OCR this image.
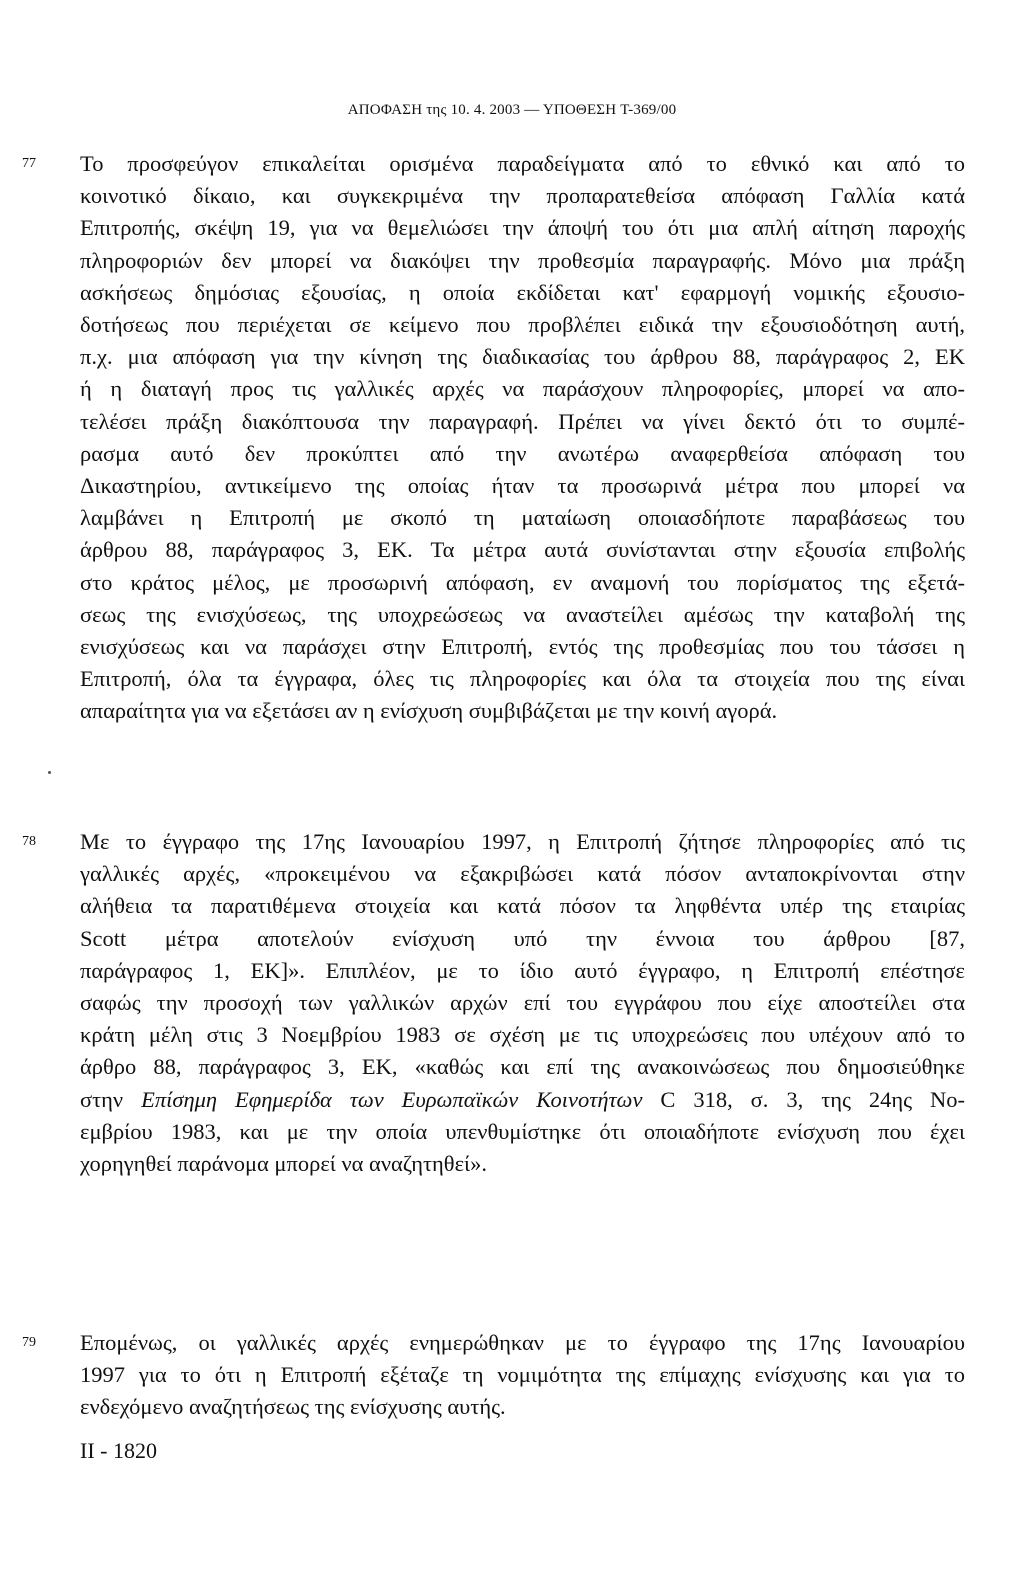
ΑΠΟΦΑΣΗ της 10. 4. 2003 — ΥΠΟΘΕΣΗ T-369/00
77 Το προσφεύγον επικαλείται ορισμένα παραδείγματα από το εθνικό και από το
κοινοτικό δίκαιο, και συγκεκριμένα την προπαρατεθείσα απόφαση Γαλλία κατά
Επιτροπής, σκέψη 19, για να θεμελιώσει την άποψή του ότι μια απλή αίτηση παροχής
πληροφοριών δεν μπορεί να διακόψει την προθεσμία παραγραφής. Μόνο μια πράξη
ασκήσεως δημόσιας εξουσίας, η οποία εκδίδεται κατ' εφαρμογή νομικής εξουσιο-
δοτήσεως που περιέχεται σε κείμενο που προβλέπει ειδικά την εξουσιοδότηση αυτή,
π.χ. μια απόφαση για την κίνηση της διαδικασίας του άρθρου 88, παράγραφος 2, ΕΚ
ή η διαταγή προς τις γαλλικές αρχές να παράσχουν πληροφορίες, μπορεί να απο-
τελέσει πράξη διακόπτουσα την παραγραφή. Πρέπει να γίνει δεκτό ότι το συμπέ-
ρασμα αυτό δεν προκύπτει από την ανωτέρω αναφερθείσα απόφαση του
Δικαστηρίου, αντικείμενο της οποίας ήταν τα προσωρινά μέτρα που μπορεί να
λαμβάνει η Επιτροπή με σκοπό τη ματαίωση οποιασδήποτε παραβάσεως του
άρθρου 88, παράγραφος 3, ΕΚ. Τα μέτρα αυτά συνίστανται στην εξουσία επιβολής
στο κράτος μέλος, με προσωρινή απόφαση, εν αναμονή του πορίσματος της εξετά-
σεως της ενισχύσεως, της υποχρεώσεως να αναστείλει αμέσως την καταβολή της
ενισχύσεως και να παράσχει στην Επιτροπή, εντός της προθεσμίας που του τάσσει η
Επιτροπή, όλα τα έγγραφα, όλες τις πληροφορίες και όλα τα στοιχεία που της είναι
απαραίτητα για να εξετάσει αν η ενίσχυση συμβιβάζεται με την κοινή αγορά.
78 Με το έγγραφο της 17ης Ιανουαρίου 1997, η Επιτροπή ζήτησε πληροφορίες από τις
γαλλικές αρχές, «προκειμένου να εξακριβώσει κατά πόσον ανταποκρίνονται στην
αλήθεια τα παρατιθέμενα στοιχεία και κατά πόσον τα ληφθέντα υπέρ της εταιρίας
Scott μέτρα αποτελούν ενίσχυση υπό την έννοια του άρθρου [87,
παράγραφος 1, ΕΚ]». Επιπλέον, με το ίδιο αυτό έγγραφο, η Επιτροπή επέστησε
σαφώς την προσοχή των γαλλικών αρχών επί του εγγράφου που είχε αποστείλει στα
κράτη μέλη στις 3 Νοεμβρίου 1983 σε σχέση με τις υποχρεώσεις που υπέχουν από το
άρθρο 88, παράγραφος 3, ΕΚ, «καθώς και επί της ανακοινώσεως που δημοσιεύθηκε
στην Επίσημη Εφημερίδα των Ευρωπαϊκών Κοινοτήτων C 318, σ. 3, της 24ης Νο-
εμβρίου 1983, και με την οποία υπενθυμίστηκε ότι οποιαδήποτε ενίσχυση που έχει
χορηγηθεί παράνομα μπορεί να αναζητηθεί».
79 Επομένως, οι γαλλικές αρχές ενημερώθηκαν με το έγγραφο της 17ης Ιανουαρίου
1997 για το ότι η Επιτροπή εξέταζε τη νομιμότητα της επίμαχης ενίσχυσης και για το
ενδεχόμενο αναζητήσεως της ενίσχυσης αυτής.
II - 1820
